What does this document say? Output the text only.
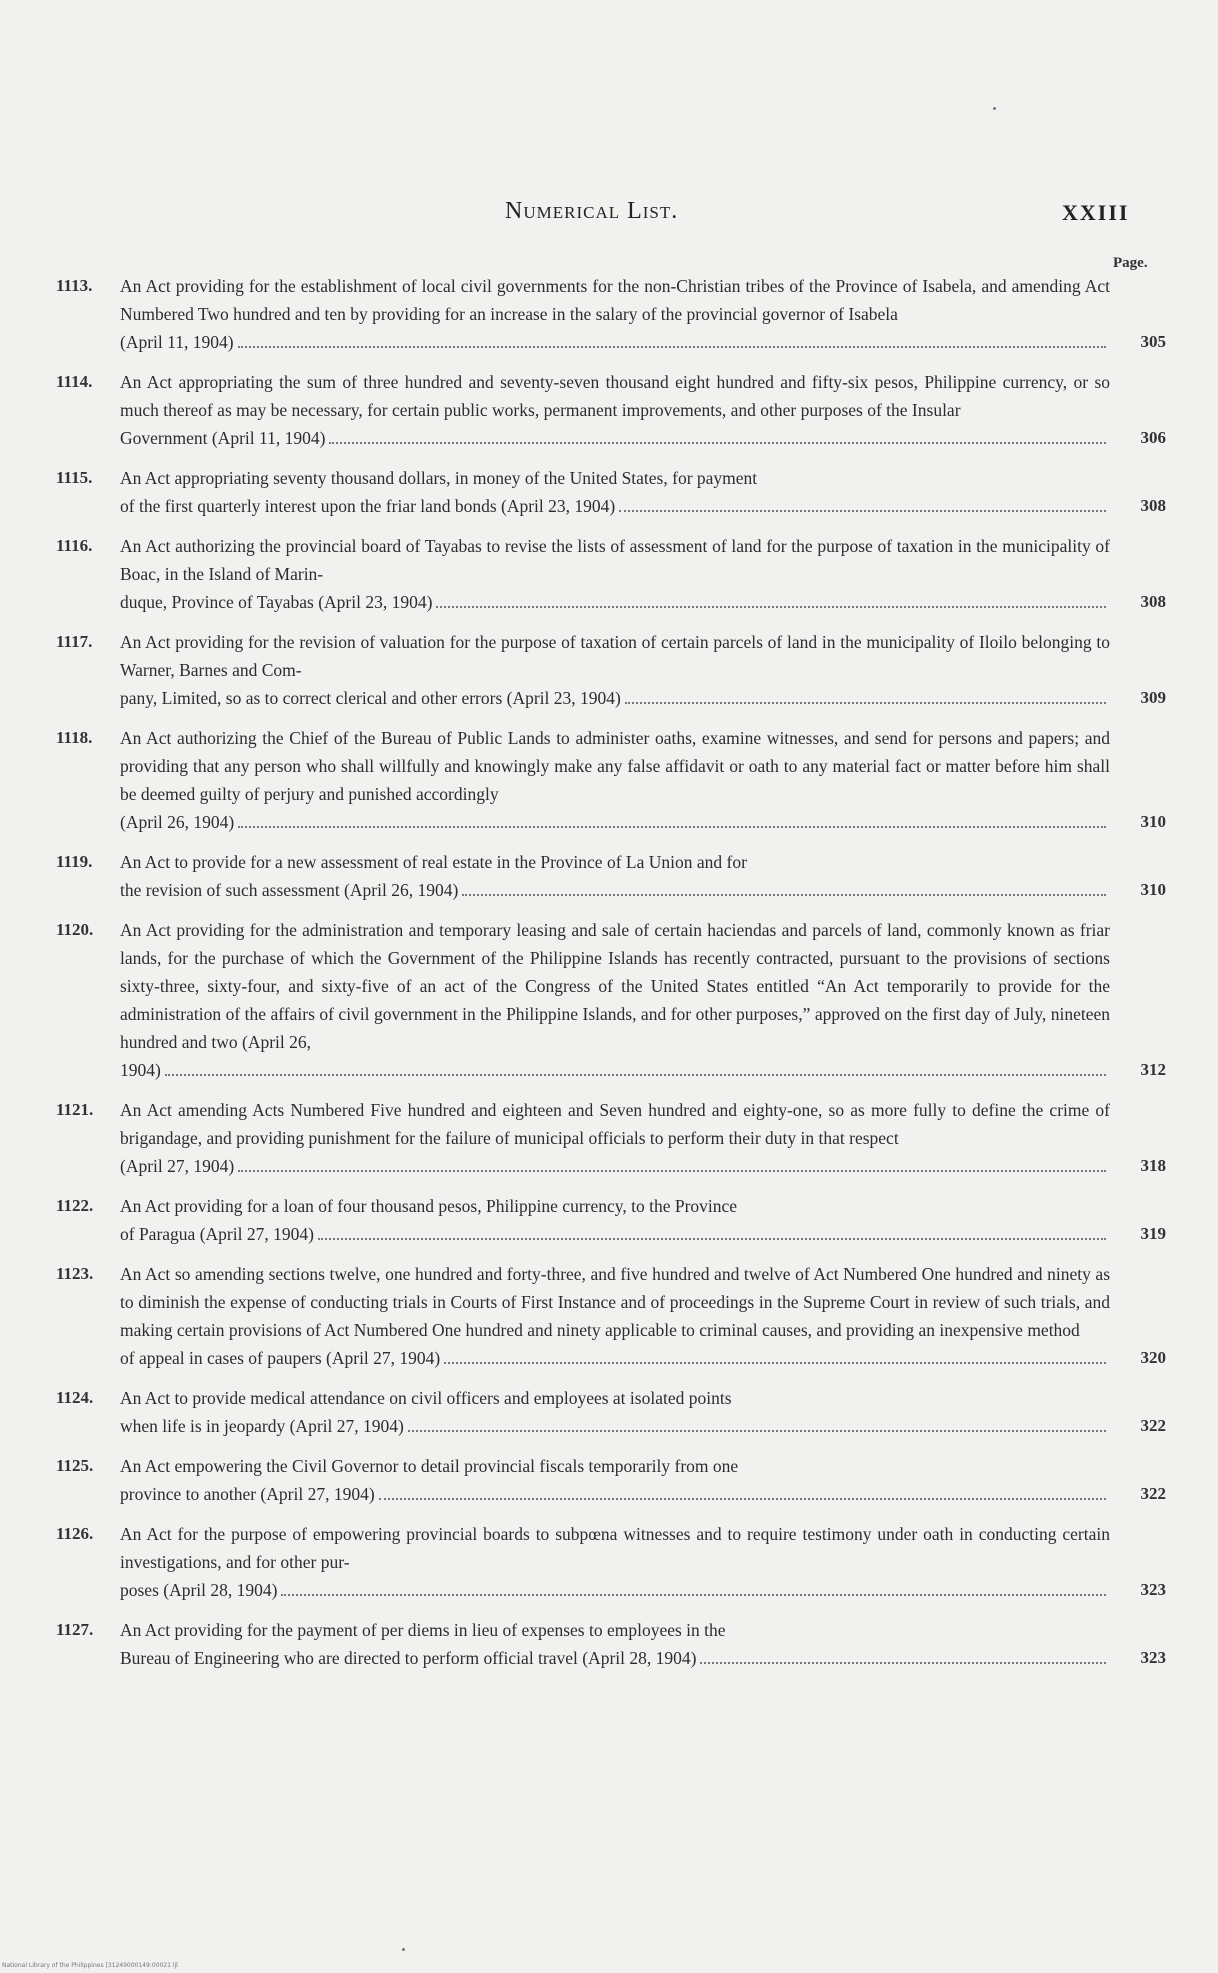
Numerical List.	XXIII
Page.
1113.	An Act providing for the establishment of local civil governments for the non-Christian tribes of the Province of Isabela, and amending Act Numbered Two hundred and ten by providing for an increase in the salary of the provincial governor of Isabela
(April 11, 1904)	305
1114.	An Act appropriating the sum of three hundred and seventy-seven thousand eight hundred and fifty-six pesos, Philippine currency, or so much thereof as may be necessary, for certain public works, permanent improvements, and other purposes of the Insular
Government (April 11, 1904)	306
1115.	An Act appropriating seventy thousand dollars, in money of the United States, for payment
of the first quarterly interest upon the friar land bonds (April 23, 1904)	308
1116.	An Act authorizing the provincial board of Tayabas to revise the lists of assessment of land for the purpose of taxation in the municipality of Boac, in the Island of Marin-
duque, Province of Tayabas (April 23, 1904)	308
1117.	An Act providing for the revision of valuation for the purpose of taxation of certain parcels of land in the municipality of Iloilo belonging to Warner, Barnes and Com-
pany, Limited, so as to correct clerical and other errors (April 23, 1904)	309
1118.	An Act authorizing the Chief of the Bureau of Public Lands to administer oaths, examine witnesses, and send for persons and papers; and providing that any person who shall willfully and knowingly make any false affidavit or oath to any material fact or matter before him shall be deemed guilty of perjury and punished accordingly
(April 26, 1904)	310
1119.	An Act to provide for a new assessment of real estate in the Province of La Union and for
the revision of such assessment (April 26, 1904)	310
1120.	An Act providing for the administration and temporary leasing and sale of certain haciendas and parcels of land, commonly known as friar lands, for the purchase of which the Government of the Philippine Islands has recently contracted, pursuant to the provisions of sections sixty-three, sixty-four, and sixty-five of an act of the Congress of the United States entitled “An Act temporarily to provide for the administration of the affairs of civil government in the Philippine Islands, and for other purposes,” approved on the first day of July, nineteen hundred and two (April 26,
1904)	312
1121.	An Act amending Acts Numbered Five hundred and eighteen and Seven hundred and eighty-one, so as more fully to define the crime of brigandage, and providing punishment for the failure of municipal officials to perform their duty in that respect
(April 27, 1904)	318
1122.	An Act providing for a loan of four thousand pesos, Philippine currency, to the Province
of Paragua (April 27, 1904)	319
1123.	An Act so amending sections twelve, one hundred and forty-three, and five hundred and twelve of Act Numbered One hundred and ninety as to diminish the expense of conducting trials in Courts of First Instance and of proceedings in the Supreme Court in review of such trials, and making certain provisions of Act Numbered One hundred and ninety applicable to criminal causes, and providing an inexpensive method
of appeal in cases of paupers (April 27, 1904)	320
1124.	An Act to provide medical attendance on civil officers and employees at isolated points
when life is in jeopardy (April 27, 1904)	322
1125.	An Act empowering the Civil Governor to detail provincial fiscals temporarily from one
province to another (April 27, 1904)	322
1126.	An Act for the purpose of empowering provincial boards to subpœna witnesses and to require testimony under oath in conducting certain investigations, and for other pur-
poses (April 28, 1904)	323
1127.	An Act providing for the payment of per diems in lieu of expenses to employees in the
Bureau of Engineering who are directed to perform official travel (April 28, 1904)	323
National Library of the Philippines [31249000149:00021 ljl
